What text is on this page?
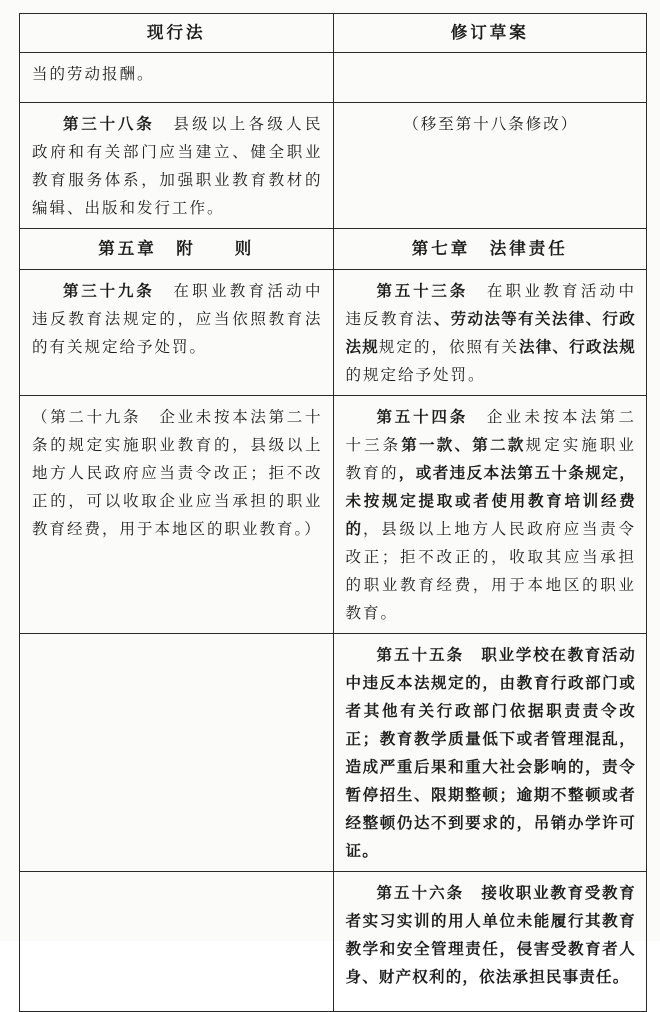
现行法	修订草案

当的劳动报酬。	

第三十八条　县级以上各级人民政府和有关部门应当建立、健全职业教育服务体系，加强职业教育教材的编辑、出版和发行工作。	（移至第十八条修改）

第五章　附　　则	第七章　法律责任

第三十九条　在职业教育活动中违反教育法规定的，应当依照教育法的有关规定给予处罚。	第五十三条　在职业教育活动中违反教育法、劳动法等有关法律、行政法规规定的，依照有关法律、行政法规的规定给予处罚。

（第二十九条　企业未按本法第二十条的规定实施职业教育的，县级以上地方人民政府应当责令改正；拒不改正的，可以收取企业应当承担的职业教育经费，用于本地区的职业教育。）	第五十四条　企业未按本法第二十三条第一款、第二款规定实施职业教育的，或者违反本法第五十条规定，未按规定提取或者使用教育培训经费的，县级以上地方人民政府应当责令改正；拒不改正的，收取其应当承担的职业教育经费，用于本地区的职业教育。

	第五十五条　职业学校在教育活动中违反本法规定的，由教育行政部门或者其他有关行政部门依据职责责令改正；教育教学质量低下或者管理混乱，造成严重后果和重大社会影响的，责令暂停招生、限期整顿；逾期不整顿或者经整顿仍达不到要求的，吊销办学许可证。

	第五十六条　接收职业教育受教育者实习实训的用人单位未能履行其教育教学和安全管理责任，侵害受教育者人身、财产权利的，依法承担民事责任。
